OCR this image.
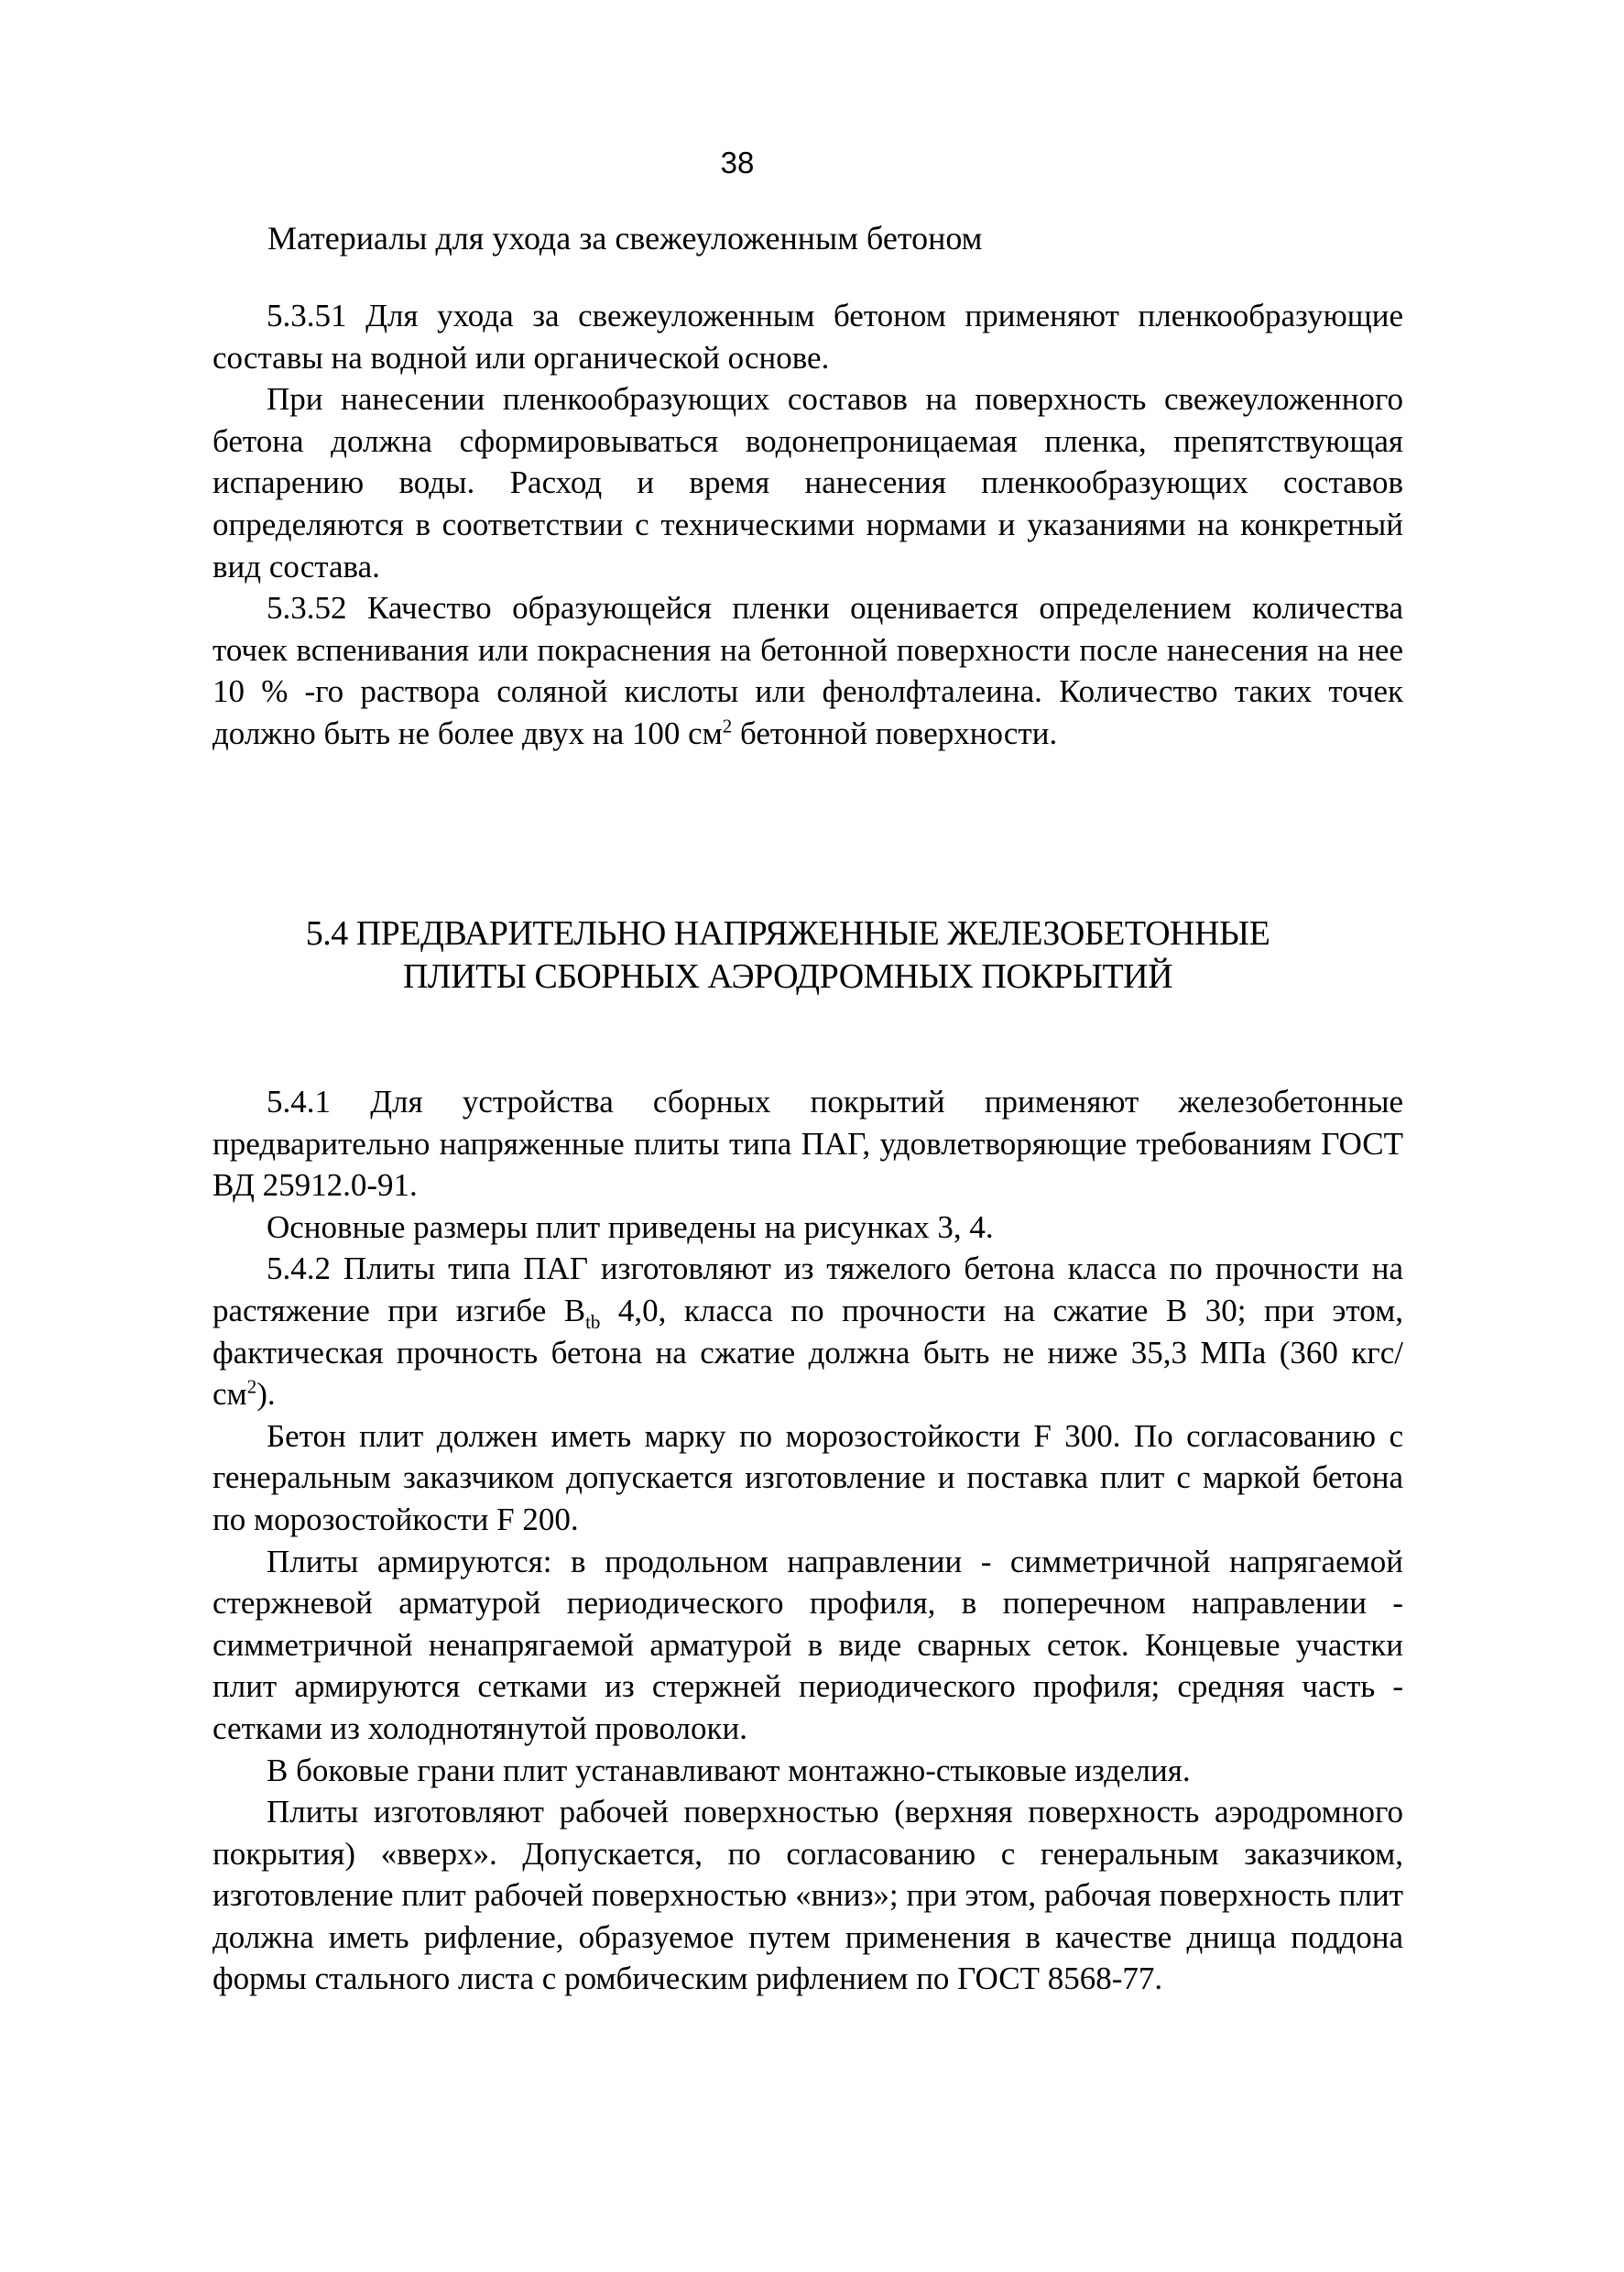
38
Материалы для ухода за свежеуложенным бетоном

5.3.51 Для ухода за свежеуложенным бетоном применяют пленкообразующие составы на водной или органической основе.

При нанесении пленкообразующих составов на поверхность свежеуложенного бетона должна сформировываться водонепроницаемая пленка, препятствующая испарению воды. Расход и время нанесения пленкообразующих составов определяются в соответствии с техническими нормами и указаниями на конкретный вид состава.

5.3.52 Качество образующейся пленки оценивается определением количества точек вспенивания или покраснения на бетонной поверхности после нанесения на нее 10 % -го раствора соляной кислоты или фенолфталеина. Количество таких точек должно быть не более двух на 100 $см^2$ бетонной поверхности.

5.4 ПРЕДВАРИТЕЛЬНО НАПРЯЖЕННЫЕ ЖЕЛЕЗОБЕТОННЫЕ
ПЛИТЫ СБОРНЫХ АЭРОДРОМНЫХ ПОКРЫТИЙ

5.4.1 Для устройства сборных покрытий применяют железобетонные предварительно напряженные плиты типа ПАГ, удовлетворяющие требованиям ГОСТ ВД 25912.0-91.

Основные размеры плит приведены на рисунках 3, 4.

5.4.2 Плиты типа ПАГ изготовляют из тяжелого бетона класса по прочности на растяжение при изгибе $В_{tb}$ 4,0, класса по прочности на сжатие В 30; при этом, фактическая прочность бетона на сжатие должна быть не ниже 35,3 МПа (360 кгс/$см^2$).

Бетон плит должен иметь марку по морозостойкости F 300. По согласованию с генеральным заказчиком допускается изготовление и поставка плит с маркой бетона по морозостойкости F 200.

Плиты армируются: в продольном направлении - симметричной напрягаемой стержневой арматурой периодического профиля, в поперечном направлении - симметричной ненапрягаемой арматурой в виде сварных сеток. Концевые участки плит армируются сетками из стержней периодического профиля; средняя часть - сетками из холоднотянутой проволоки.

В боковые грани плит устанавливают монтажно-стыковые изделия.

Плиты изготовляют рабочей поверхностью (верхняя поверхность аэродромного покрытия) «вверх». Допускается, по согласованию с генеральным заказчиком, изготовление плит рабочей поверхностью «вниз»; при этом, рабочая поверхность плит должна иметь рифление, образуемое путем применения в качестве днища поддона формы стального листа с ромбическим рифлением по ГОСТ 8568-77.
